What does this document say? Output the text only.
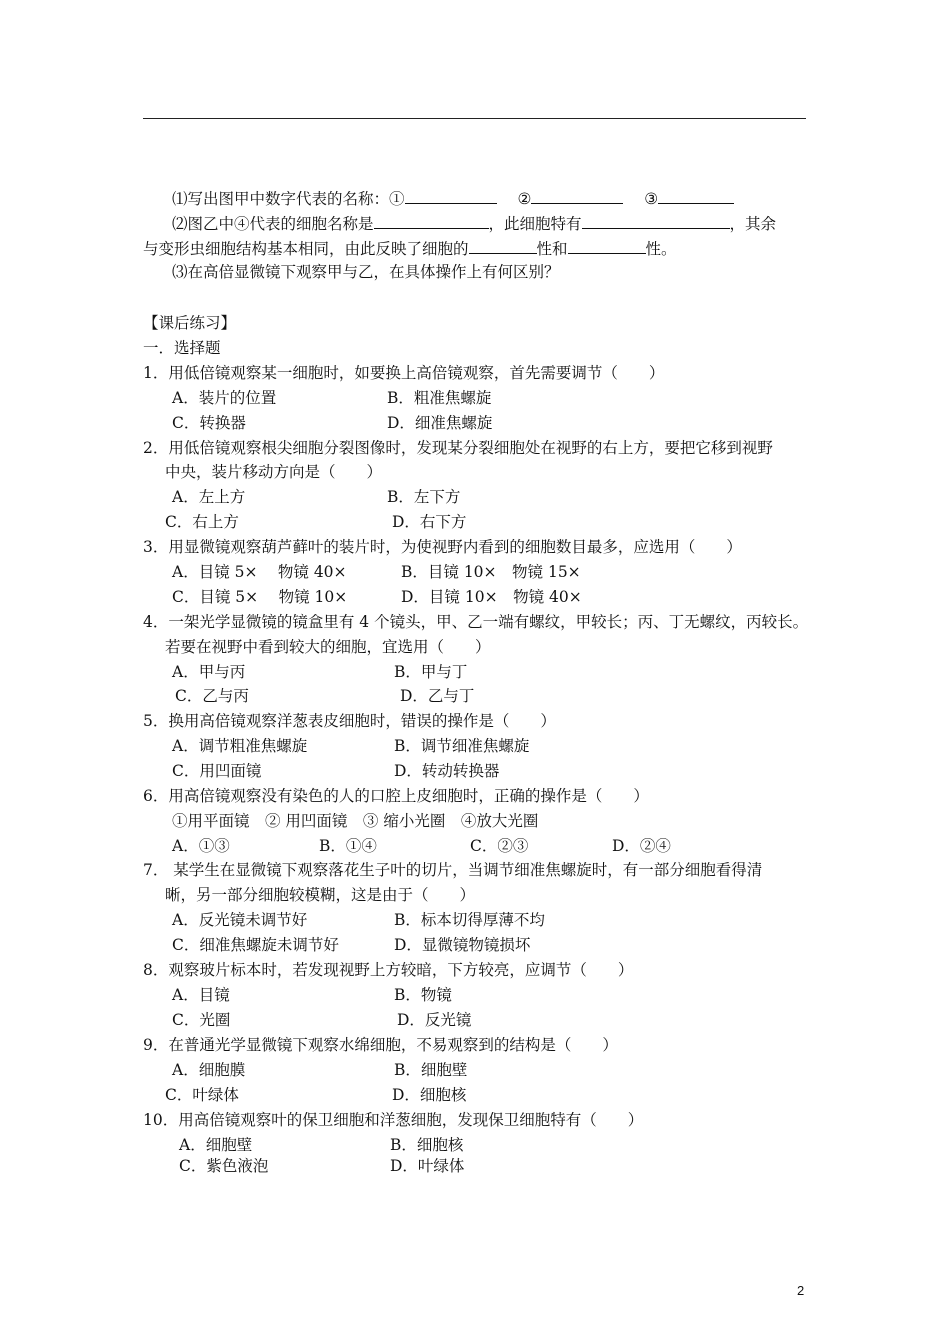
⑴写出图甲中数字代表的名称：①	②	③
⑵图乙中④代表的细胞名称是	，此细胞特有	，其余
与变形虫细胞结构基本相同，由此反映了细胞的	性和	性。
⑶在高倍显微镜下观察甲与乙，在具体操作上有何区别？
【课后练习】
一．选择题
1．用低倍镜观察某一细胞时，如要换上高倍镜观察，首先需要调节（　　）
A．装片的位置	B．粗准焦螺旋
C．转换器	D．细准焦螺旋
2．用低倍镜观察根尖细胞分裂图像时，发现某分裂细胞处在视野的右上方，要把它移到视野
中央，装片移动方向是（　　）
A．左上方	B．左下方
C．右上方	D．右下方
3．用显微镜观察葫芦藓叶的装片时，为使视野内看到的细胞数目最多，应选用（　　）
A．目镜 5×　 物镜 40×	B．目镜 10×　物镜 15×
C．目镜 5×　 物镜 10×	D．目镜 10×　物镜 40×
4．一架光学显微镜的镜盒里有 4 个镜头，甲、乙一端有螺纹，甲较长；丙、丁无螺纹，丙较长。
若要在视野中看到较大的细胞，宜选用（　　）
A．甲与丙	B．甲与丁
C．乙与丙	D．乙与丁
5．换用高倍镜观察洋葱表皮细胞时，错误的操作是（　　）
A．调节粗准焦螺旋	B．调节细准焦螺旋
C．用凹面镜	D．转动转换器
6．用高倍镜观察没有染色的人的口腔上皮细胞时，正确的操作是（　　）
①用平面镜　② 用凹面镜　③ 缩小光圈　④放大光圈
A．①③	B．①④	C．②③	D．②④
7． 某学生在显微镜下观察落花生子叶的切片，当调节细准焦螺旋时，有一部分细胞看得清
晰，另一部分细胞较模糊，这是由于（　　）
A．反光镜未调节好	B．标本切得厚薄不均
C．细准焦螺旋未调节好	D．显微镜物镜损坏
8．观察玻片标本时，若发现视野上方较暗，下方较亮，应调节（　　）
A．目镜	B．物镜
C．光圈	D．反光镜
9．在普通光学显微镜下观察水绵细胞，不易观察到的结构是（　　）
A．细胞膜	B．细胞壁
C．叶绿体	D．细胞核
10．用高倍镜观察叶的保卫细胞和洋葱细胞，发现保卫细胞特有（　　）
A．细胞壁	B．细胞核
C．紫色液泡	D．叶绿体
2
